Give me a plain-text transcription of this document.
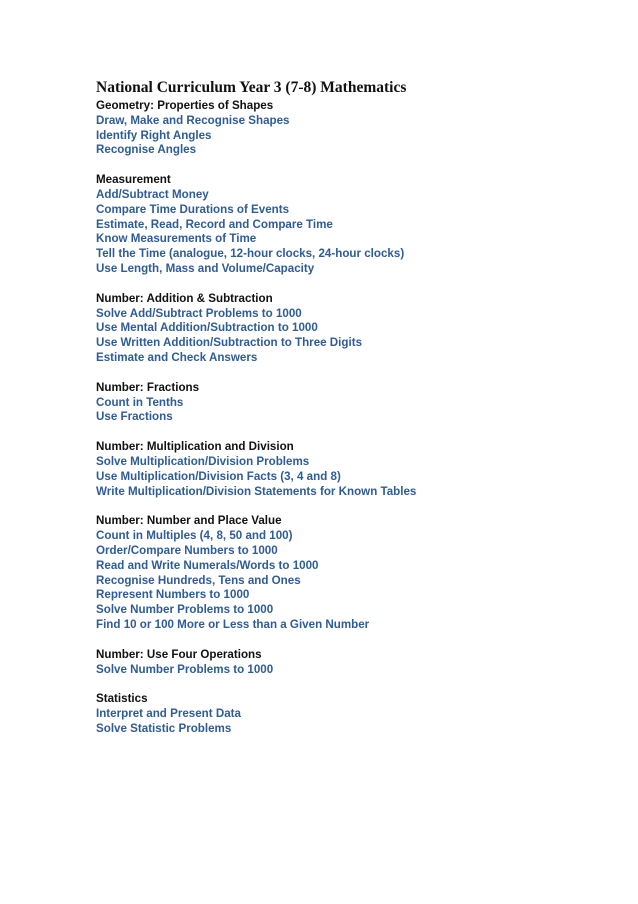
National Curriculum Year 3 (7-8) Mathematics
Geometry: Properties of Shapes
Draw, Make and Recognise Shapes
Identify Right Angles
Recognise Angles
Measurement
Add/Subtract Money
Compare Time Durations of Events
Estimate, Read, Record and Compare Time
Know Measurements of Time
Tell the Time (analogue, 12-hour clocks, 24-hour clocks)
Use Length, Mass and Volume/Capacity
Number: Addition & Subtraction
Solve Add/Subtract Problems to 1000
Use Mental Addition/Subtraction to 1000
Use Written Addition/Subtraction to Three Digits
Estimate and Check Answers
Number: Fractions
Count in Tenths
Use Fractions
Number: Multiplication and Division
Solve Multiplication/Division Problems
Use Multiplication/Division Facts (3, 4 and 8)
Write Multiplication/Division Statements for Known Tables
Number: Number and Place Value
Count in Multiples (4, 8, 50 and 100)
Order/Compare Numbers to 1000
Read and Write Numerals/Words to 1000
Recognise Hundreds, Tens and Ones
Represent Numbers to 1000
Solve Number Problems to 1000
Find 10 or 100 More or Less than a Given Number
Number: Use Four Operations
Solve Number Problems to 1000
Statistics
Interpret and Present Data
Solve Statistic Problems
